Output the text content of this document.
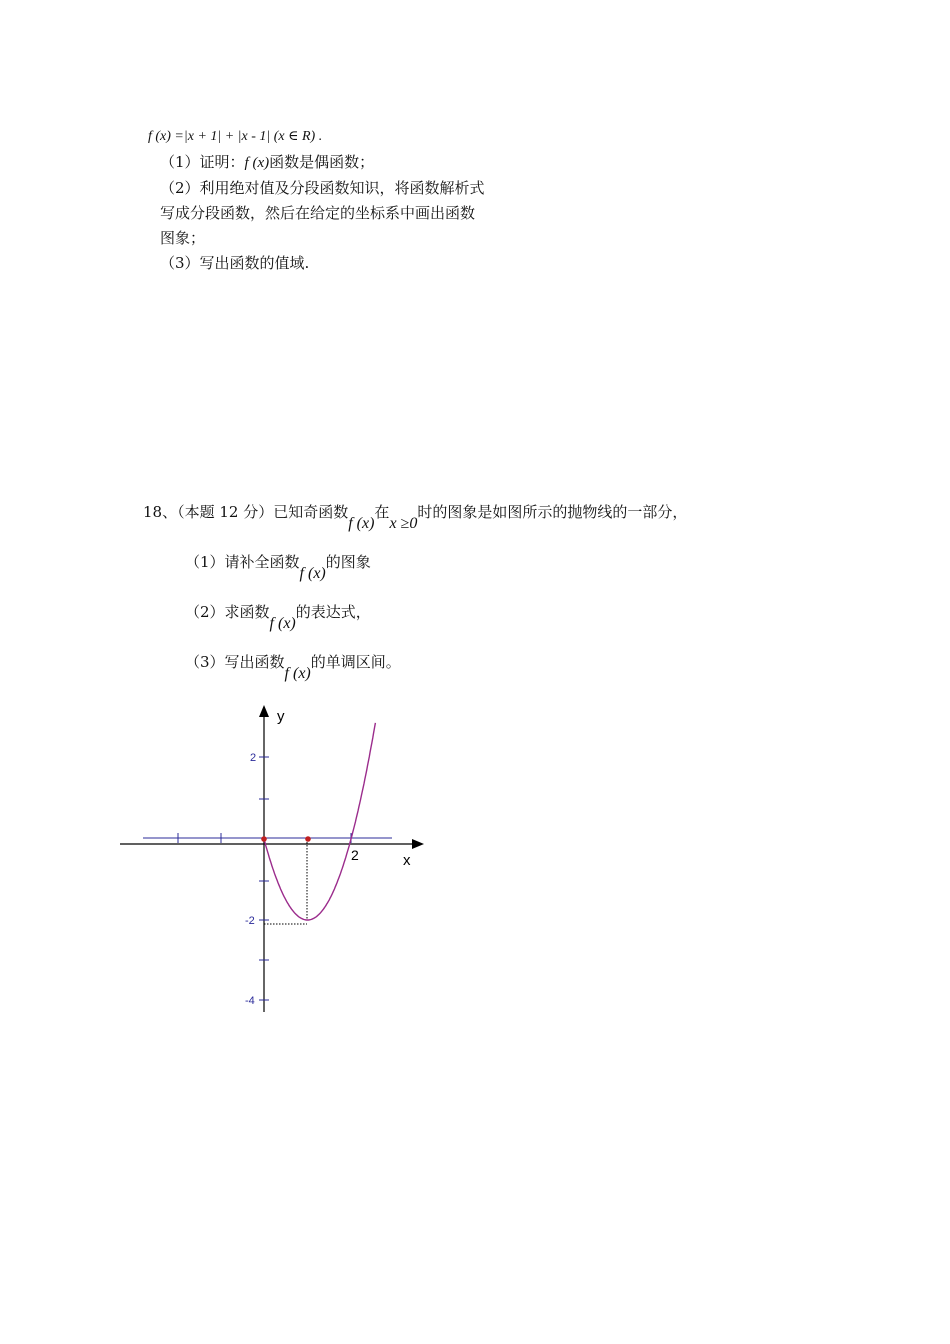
f (x) =|x + 1| + |x - 1| (x ∈ R) .
（1）证明：f (x)函数是偶函数；
（2）利用绝对值及分段函数知识，将函数解析式
写成分段函数，然后在给定的坐标系中画出函数
图象；
（3）写出函数的值域.
18、（本题 12 分）已知奇函数f (x)在x ≥0时的图象是如图所示的抛物线的一部分，
（1）请补全函数f (x)的图象
（2）求函数f (x)的表达式，
（3）写出函数f (x)的单调区间。
2
-2
-4
2
y
x
